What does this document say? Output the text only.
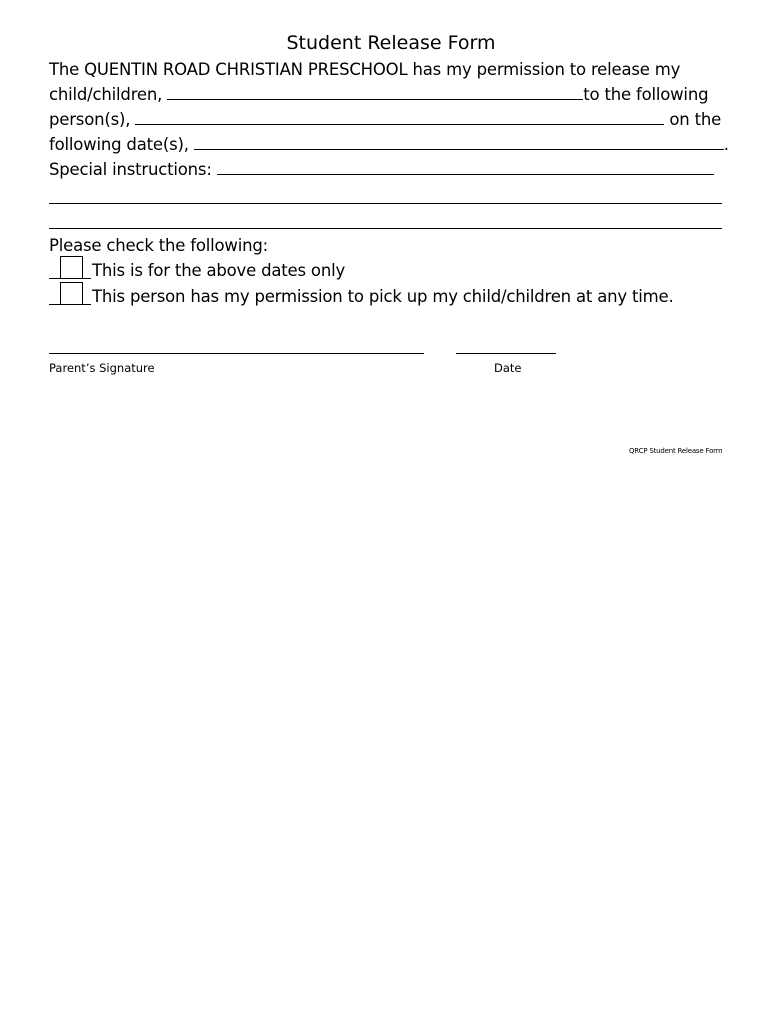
Student Release Form
The QUENTIN ROAD CHRISTIAN PRESCHOOL has my permission to release my
child/children,	to the following
person(s),	on the
following date(s),	.
Special instructions:
Please check the following:
This is for the above dates only
This person has my permission to pick up my child/children at any time.
Parent’s Signature	Date
QRCP Student Release Form
